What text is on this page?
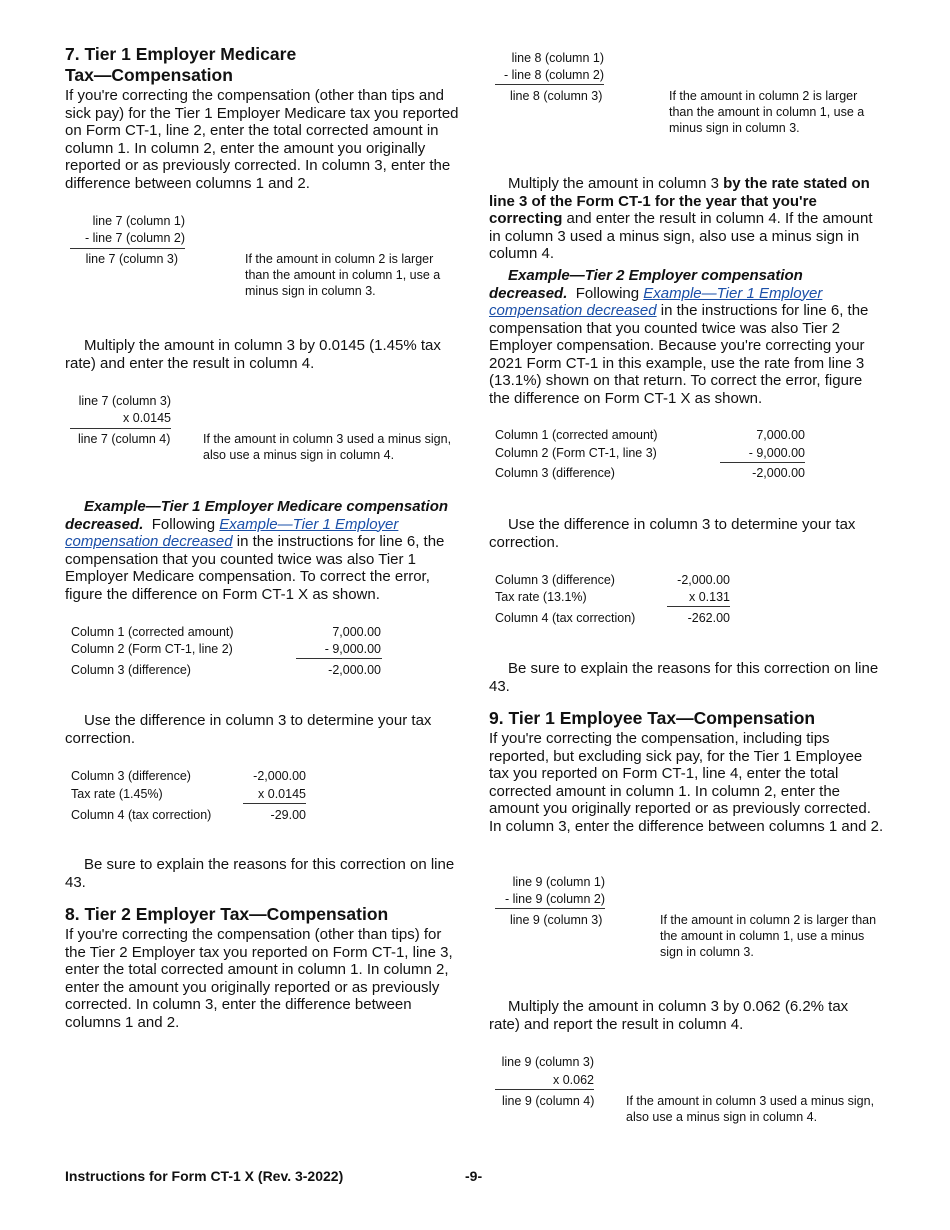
7. Tier 1 Employer Medicare
Tax—Compensation

If you're correcting the compensation (other than tips and sick pay) for the Tier 1 Employer Medicare tax you reported on Form CT-1, line 2, enter the total corrected amount in column 1. In column 2, enter the amount you originally reported or as previously corrected. In column 3, enter the difference between columns 1 and 2.

line 7 (column 1)
- line 7 (column 2)
line 7 (column 3)	If the amount in column 2 is larger than the amount in column 1, use a minus sign in column 3.

Multiply the amount in column 3 by 0.0145 (1.45% tax rate) and enter the result in column 4.

line 7 (column 3)
x 0.0145
line 7 (column 4)	If the amount in column 3 used a minus sign, also use a minus sign in column 4.

Example—Tier 1 Employer Medicare compensation decreased. Following Example—Tier 1 Employer compensation decreased in the instructions for line 6, the compensation that you counted twice was also Tier 1 Employer Medicare compensation. To correct the error, figure the difference on Form CT-1 X as shown.

Column 1 (corrected amount)	7,000.00
Column 2 (Form CT-1, line 2)	- 9,000.00
Column 3 (difference)	-2,000.00

Use the difference in column 3 to determine your tax correction.

Column 3 (difference)	-2,000.00
Tax rate (1.45%)	x 0.0145
Column 4 (tax correction)	-29.00

Be sure to explain the reasons for this correction on line 43.

8. Tier 2 Employer Tax—Compensation

If you're correcting the compensation (other than tips) for the Tier 2 Employer tax you reported on Form CT-1, line 3, enter the total corrected amount in column 1. In column 2, enter the amount you originally reported or as previously corrected. In column 3, enter the difference between columns 1 and 2.

line 8 (column 1)
- line 8 (column 2)
line 8 (column 3)	If the amount in column 2 is larger than the amount in column 1, use a minus sign in column 3.

Multiply the amount in column 3 by the rate stated on line 3 of the Form CT-1 for the year that you're correcting and enter the result in column 4. If the amount in column 3 used a minus sign, also use a minus sign in column 4.

Example—Tier 2 Employer compensation decreased. Following Example—Tier 1 Employer compensation decreased in the instructions for line 6, the compensation that you counted twice was also Tier 2 Employer compensation. Because you're correcting your 2021 Form CT-1 in this example, use the rate from line 3 (13.1%) shown on that return. To correct the error, figure the difference on Form CT-1 X as shown.

Column 1 (corrected amount)	7,000.00
Column 2 (Form CT-1, line 3)	- 9,000.00
Column 3 (difference)	-2,000.00

Use the difference in column 3 to determine your tax correction.

Column 3 (difference)	-2,000.00
Tax rate (13.1%)	x 0.131
Column 4 (tax correction)	-262.00

Be sure to explain the reasons for this correction on line 43.

9. Tier 1 Employee Tax—Compensation

If you're correcting the compensation, including tips reported, but excluding sick pay, for the Tier 1 Employee tax you reported on Form CT-1, line 4, enter the total corrected amount in column 1. In column 2, enter the amount you originally reported or as previously corrected. In column 3, enter the difference between columns 1 and 2.

line 9 (column 1)
- line 9 (column 2)
line 9 (column 3)	If the amount in column 2 is larger than the amount in column 1, use a minus sign in column 3.

Multiply the amount in column 3 by 0.062 (6.2% tax rate) and report the result in column 4.

line 9 (column 3)
x 0.062
line 9 (column 4)	If the amount in column 3 used a minus sign, also use a minus sign in column 4.
Instructions for Form CT-1 X (Rev. 3-2022)	-9-
